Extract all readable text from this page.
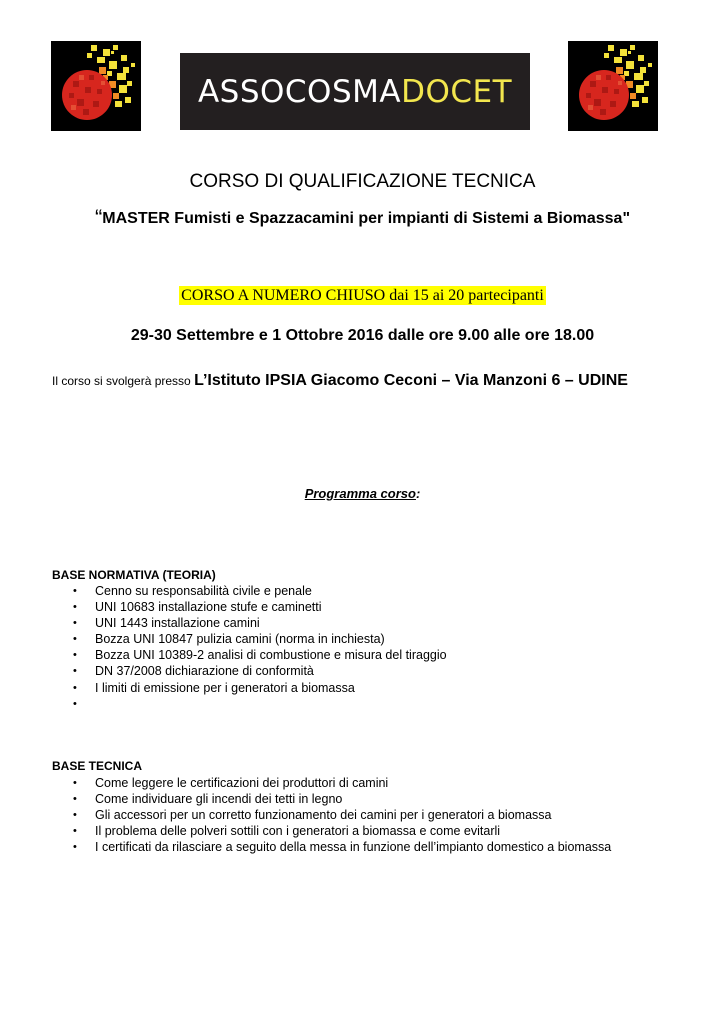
ASSOCOSMA DOCET
CORSO DI QUALIFICAZIONE TECNICA
“MASTER Fumisti e Spazzacamini per impianti di Sistemi a Biomassa"
CORSO A NUMERO CHIUSO dai 15 ai 20 partecipanti
29-30 Settembre e 1 Ottobre 2016 dalle ore 9.00 alle ore 18.00
Il corso si svolgerà presso L’Istituto IPSIA Giacomo Ceconi – Via Manzoni 6 – UDINE
Programma corso:
BASE NORMATIVA (TEORIA)
• Cenno su responsabilità civile e penale
• UNI 10683 installazione stufe e caminetti
• UNI 1443 installazione camini
• Bozza UNI 10847 pulizia camini (norma in inchiesta)
• Bozza UNI 10389-2 analisi di combustione e misura del tiraggio
• DN 37/2008 dichiarazione di conformità
• I limiti di emissione per i generatori a biomassa
•
BASE TECNICA
• Come leggere le certificazioni dei produttori di camini
• Come individuare gli incendi dei tetti in legno
• Gli accessori per un corretto funzionamento dei camini per i generatori a biomassa
• Il problema delle polveri sottili con i generatori a biomassa e come evitarli
• I certificati da rilasciare a seguito della messa in funzione dell’impianto domestico a biomassa
